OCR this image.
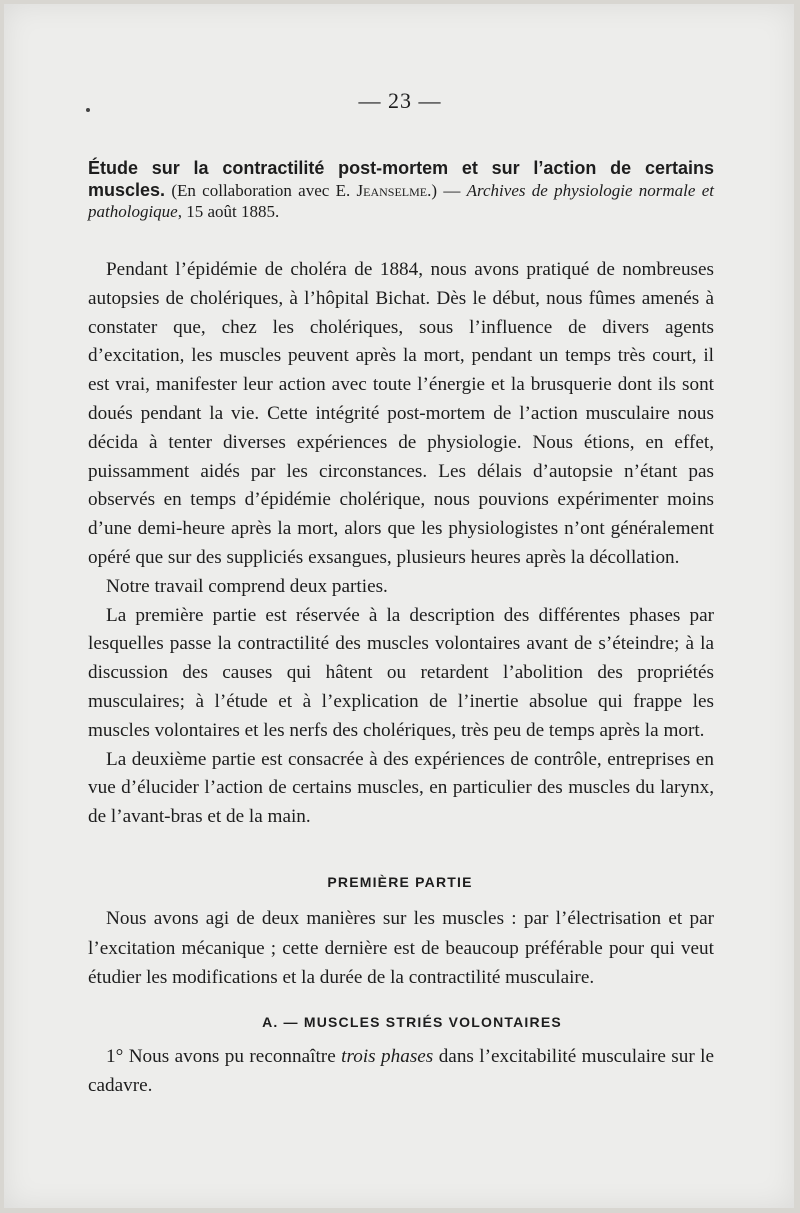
— 23 —
Étude sur la contractilité post-mortem et sur l’action de certains muscles. (En collaboration avec E. Jeanselme.) — Archives de physiologie normale et pathologique, 15 août 1885.

Pendant l’épidémie de choléra de 1884, nous avons pratiqué de nombreuses autopsies de cholériques, à l’hôpital Bichat. Dès le début, nous fûmes amenés à constater que, chez les cholériques, sous l’influence de divers agents d’excitation, les muscles peuvent après la mort, pendant un temps très court, il est vrai, manifester leur action avec toute l’énergie et la brusquerie dont ils sont doués pendant la vie. Cette intégrité post-mortem de l’action musculaire nous décida à tenter diverses expériences de physiologie. Nous étions, en effet, puissamment aidés par les circonstances. Les délais d’autopsie n’étant pas observés en temps d’épidémie cholérique, nous pouvions expérimenter moins d’une demi-heure après la mort, alors que les physiologistes n’ont généralement opéré que sur des suppliciés exsangues, plusieurs heures après la décollation.

Notre travail comprend deux parties.

La première partie est réservée à la description des différentes phases par lesquelles passe la contractilité des muscles volontaires avant de s’éteindre; à la discussion des causes qui hâtent ou retardent l’abolition des propriétés musculaires; à l’étude et à l’explication de l’inertie absolue qui frappe les muscles volontaires et les nerfs des cholériques, très peu de temps après la mort.

La deuxième partie est consacrée à des expériences de contrôle, entreprises en vue d’élucider l’action de certains muscles, en particulier des muscles du larynx, de l’avant-bras et de la main.

PREMIÈRE PARTIE

Nous avons agi de deux manières sur les muscles : par l’électrisation et par l’excitation mécanique ; cette dernière est de beaucoup préférable pour qui veut étudier les modifications et la durée de la contractilité musculaire.

A. — MUSCLES STRIÉS VOLONTAIRES

1° Nous avons pu reconnaître trois phases dans l’excitabilité musculaire sur le cadavre.
